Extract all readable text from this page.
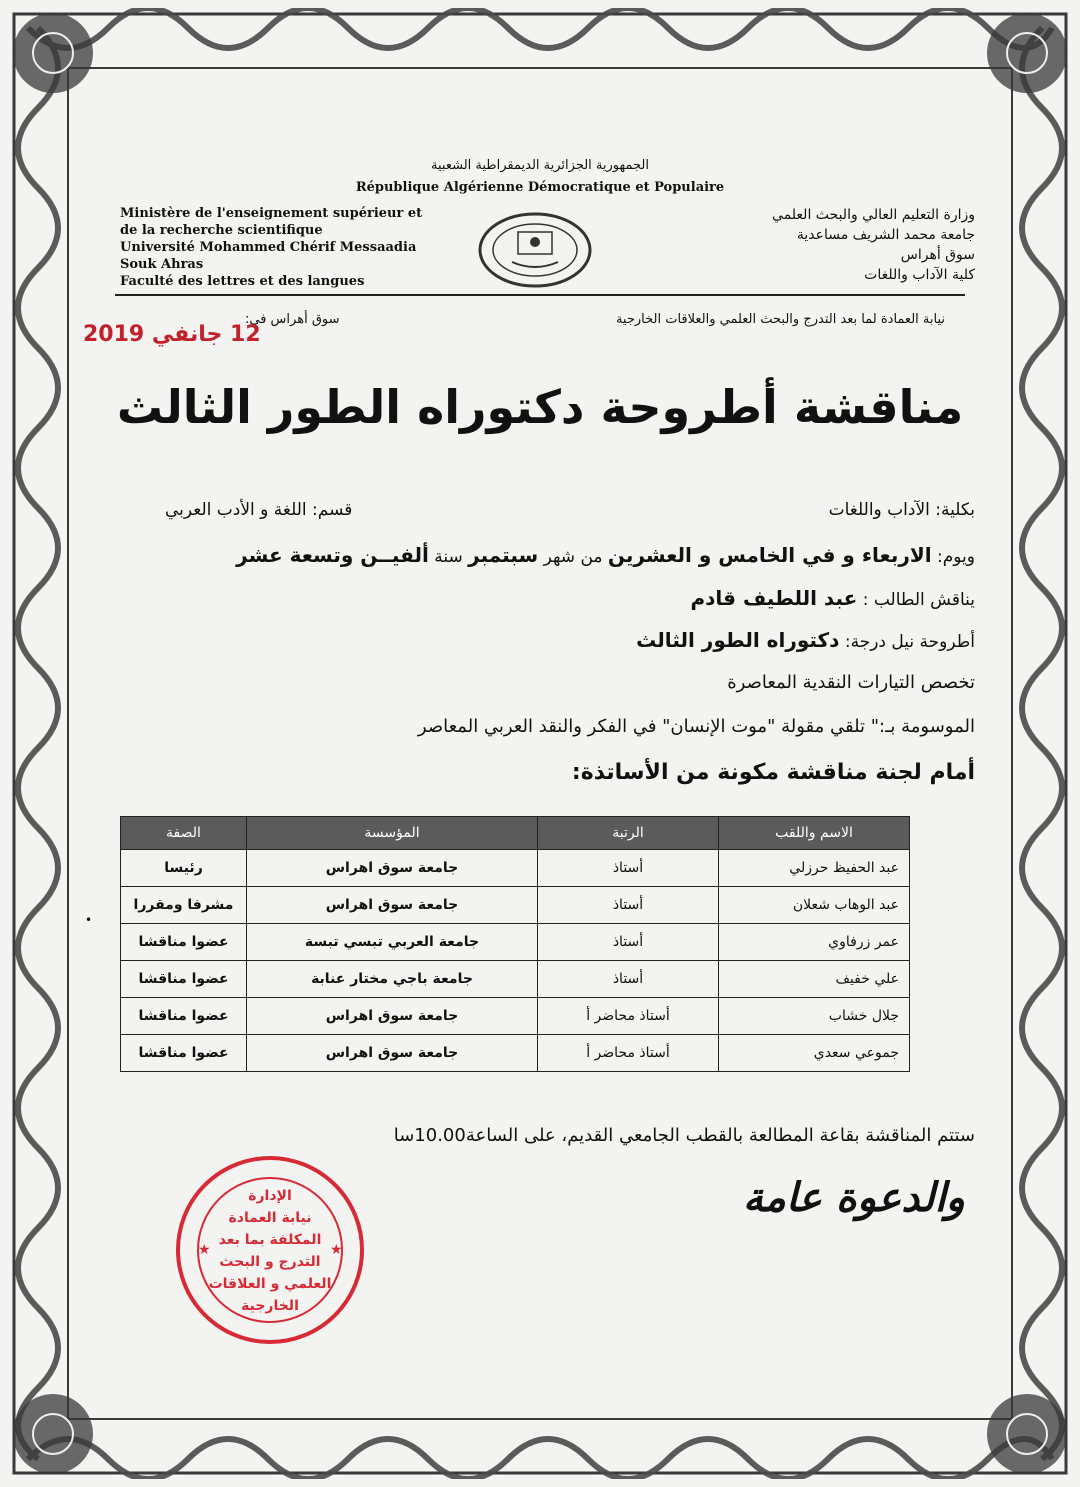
الجمهورية الجزائرية الديمقراطية الشعبية
République Algérienne Démocratique et Populaire
Ministère de l'enseignement supérieur et
de la recherche scientifique
Université Mohammed Chérif Messaadia
Souk Ahras
Faculté des lettres et des langues
وزارة التعليم العالي والبحث العلمي
جامعة محمد الشريف مساعدية
سوق أهراس
كلية الآداب واللغات
نيابة العمادة لما بعد التدرج والبحث العلمي والعلاقات الخارجية
سوق أهراس في:
12 جانفي 2019
مناقشة أطروحة دكتوراه الطور الثالث
بكلية: الآداب واللغات
قسم: اللغة و الأدب العربي
ويوم: الاربعاء و في الخامس و العشرين من شهر سبتمبر سنة ألفيــن وتسعة عشر
يناقش الطالب : عبد اللطيف قادم
أطروحة نيل درجة: دكتوراه الطور الثالث
تخصص التيارات النقدية المعاصرة
الموسومة بـ:" تلقي مقولة "موت الإنسان" في الفكر والنقد العربي المعاصر
أمام لجنة مناقشة مكونة من الأساتذة:
•
الاسم واللقب	الرتبة	المؤسسة	الصفة
عبد الحفيظ حرزلي	أستاذ	جامعة سوق اهراس	رئيسا
عبد الوهاب شعلان	أستاذ	جامعة سوق اهراس	مشرفا ومقررا
عمر زرفاوي	أستاذ	جامعة العربي تبسي تبسة	عضوا مناقشا
علي خفيف	أستاذ	جامعة باجي مختار عنابة	عضوا مناقشا
جلال خشاب	أستاذ محاضر أ	جامعة سوق اهراس	عضوا مناقشا
جموعي سعدي	أستاذ محاضر أ	جامعة سوق اهراس	عضوا مناقشا
ستتم المناقشة بقاعة المطالعة بالقطب الجامعي القديم، على الساعة10.00سا
والدعوة عامة
★	★
الإدارة
نيابة العمادة
المكلفة بما بعد
التدرج و البحث
العلمي و العلاقات
الخارجية
